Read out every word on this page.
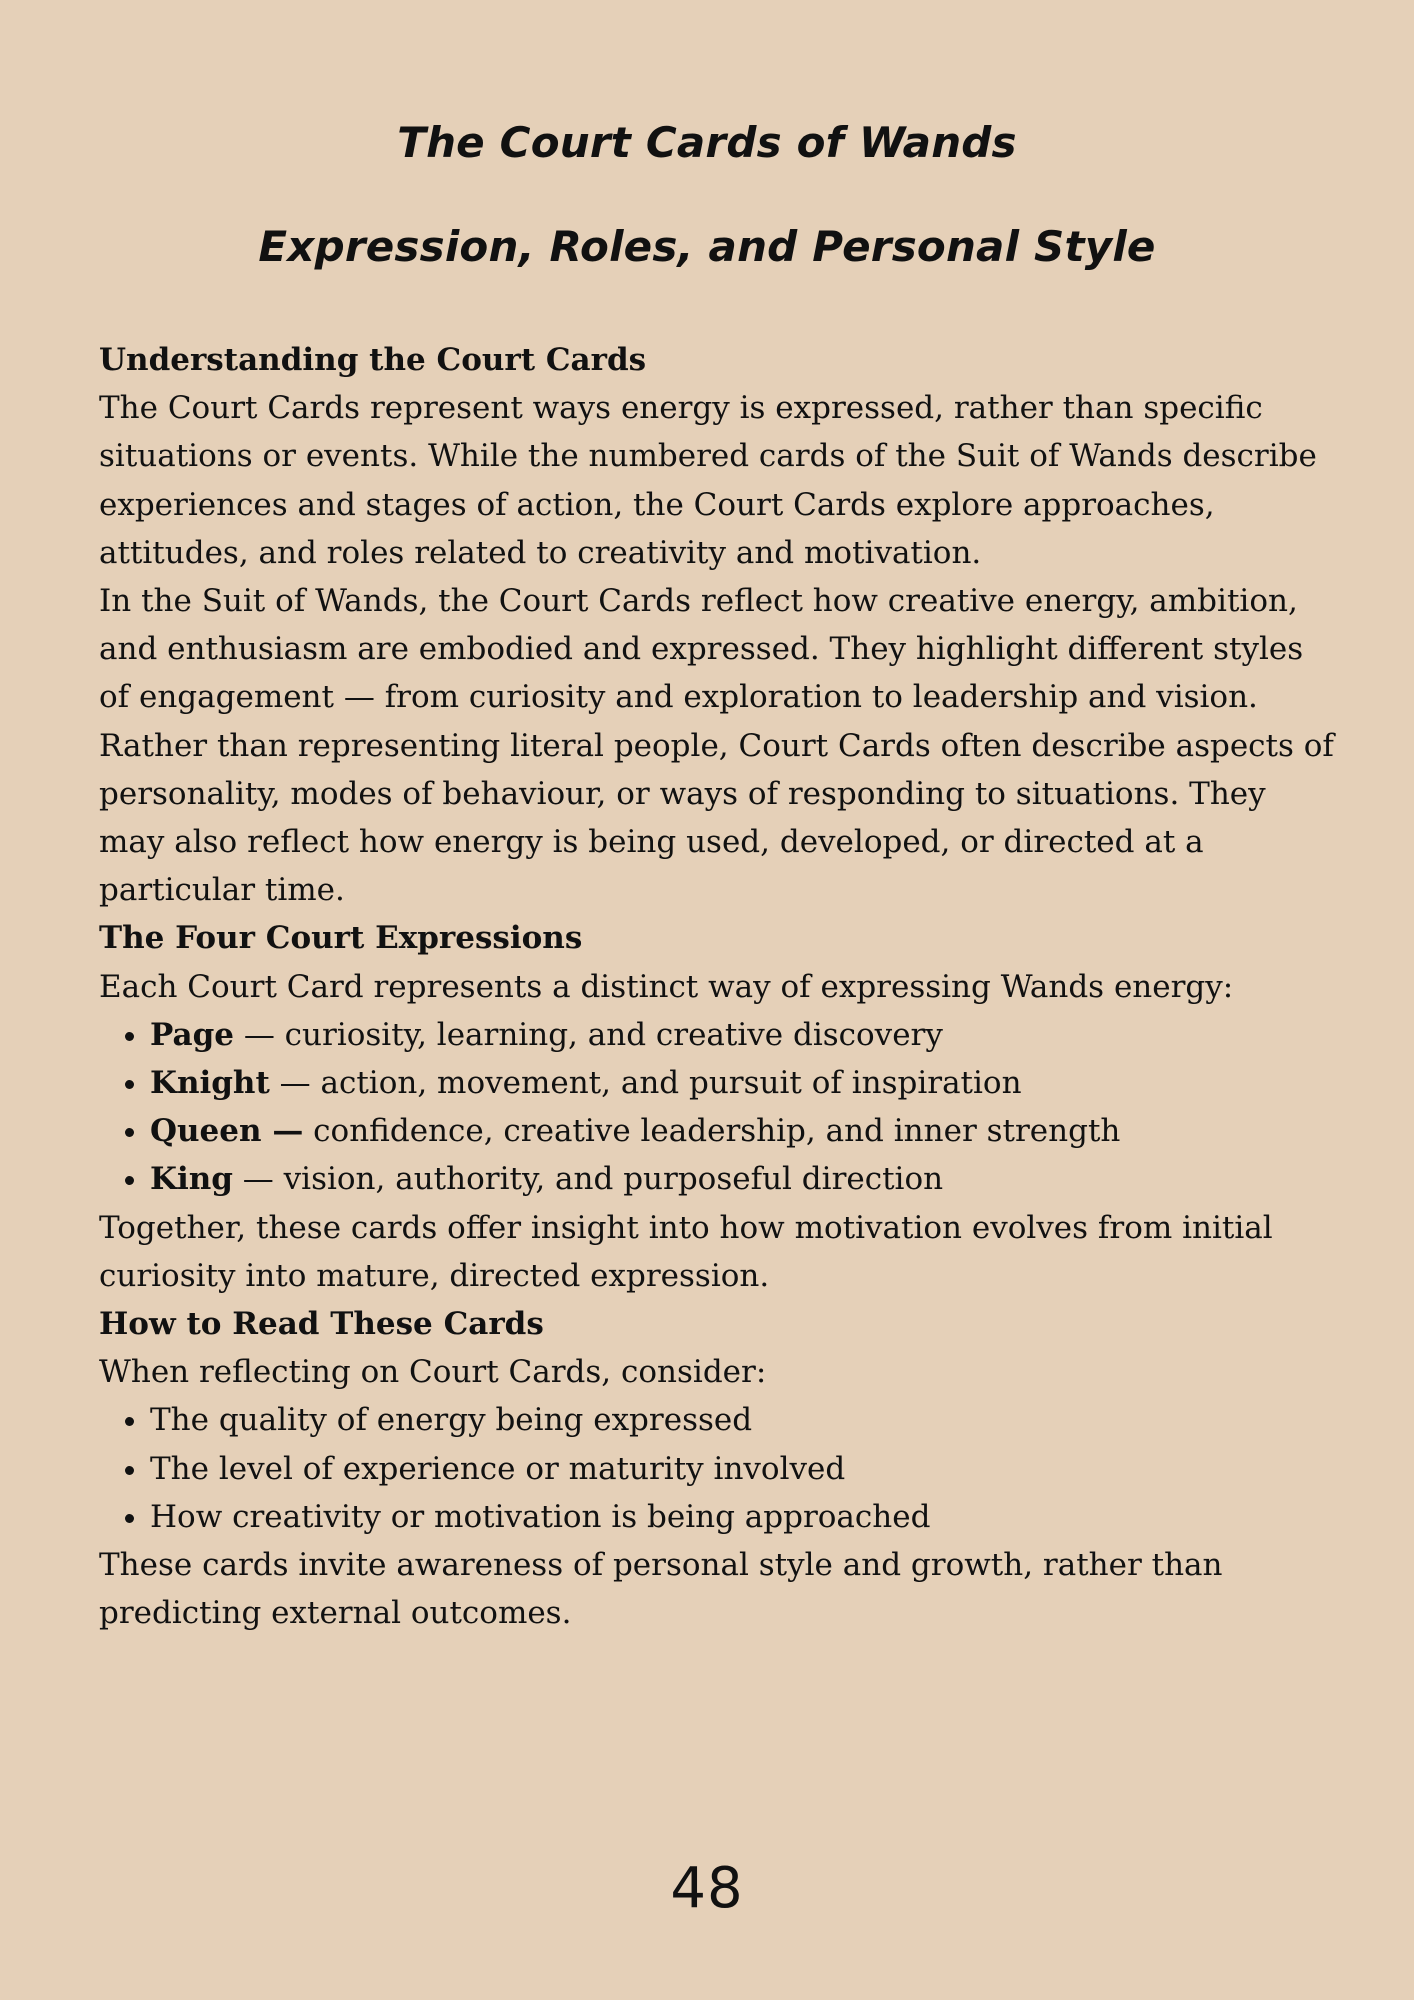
The Court Cards of Wands
Expression, Roles, and Personal Style
Understanding the Court Cards

The Court Cards represent ways energy is expressed, rather than specific situations or events. While the numbered cards of the Suit of Wands describe experiences and stages of action, the Court Cards explore approaches, attitudes, and roles related to creativity and motivation.

In the Suit of Wands, the Court Cards reflect how creative energy, ambition, and enthusiasm are embodied and expressed. They highlight different styles of engagement — from curiosity and exploration to leadership and vision.

Rather than representing literal people, Court Cards often describe aspects of personality, modes of behaviour, or ways of responding to situations. They may also reflect how energy is being used, developed, or directed at a particular time.

The Four Court Expressions

Each Court Card represents a distinct way of expressing Wands energy:

• Page — curiosity, learning, and creative discovery
• Knight — action, movement, and pursuit of inspiration
• Queen — confidence, creative leadership, and inner strength
• King — vision, authority, and purposeful direction

Together, these cards offer insight into how motivation evolves from initial curiosity into mature, directed expression.

How to Read These Cards

When reflecting on Court Cards, consider:

• The quality of energy being expressed
• The level of experience or maturity involved
• How creativity or motivation is being approached

These cards invite awareness of personal style and growth, rather than predicting external outcomes.

48
